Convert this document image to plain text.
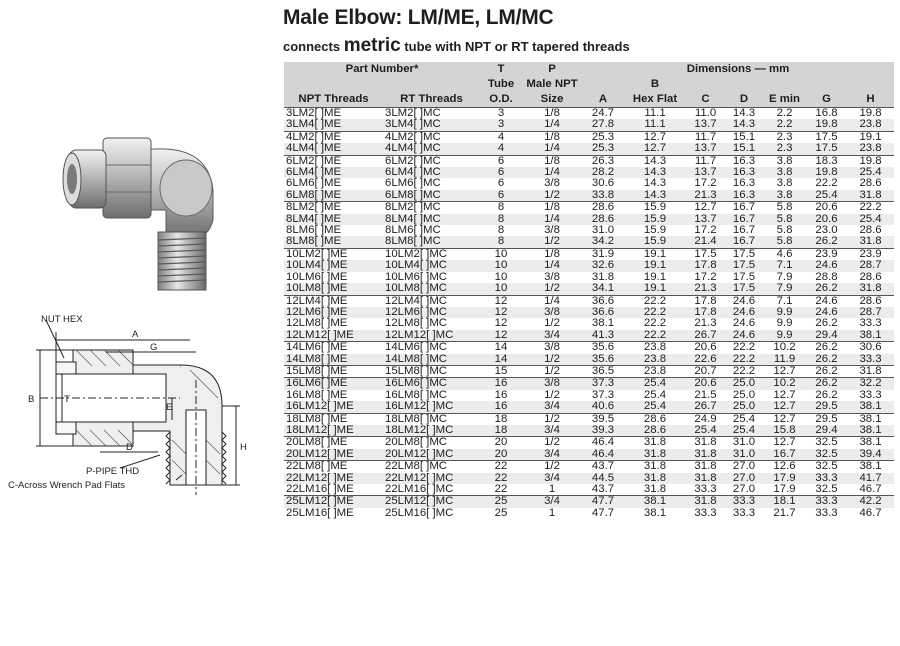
Male Elbow: LM/ME, LM/MC
connects metric tube with NPT or RT tapered threads
NUT HEX
A
G
B	T
E
D	H
P-PIPE THD
C-Across Wrench Pad Flats
Part Number*		T	P	Dimensions — mm						
		Tube	Male NPT		B					
NPT Threads	RT Threads	O.D.	Size	A	Hex Flat	C	D	E min	G	H
3LM2[ ]ME	3LM2[ ]MC	3	1/8	24.7	11.1	11.0	14.3	2.2	16.8	19.8
3LM4[ ]ME	3LM4[ ]MC	3	1/4	27.8	11.1	13.7	14.3	2.2	19.8	23.8
4LM2[ ]ME	4LM2[ ]MC	4	1/8	25.3	12.7	11.7	15.1	2.3	17.5	19.1
4LM4[ ]ME	4LM4[ ]MC	4	1/4	25.3	12.7	13.7	15.1	2.3	17.5	23.8
6LM2[ ]ME	6LM2[ ]MC	6	1/8	26.3	14.3	11.7	16.3	3.8	18.3	19.8
6LM4[ ]ME	6LM4[ ]MC	6	1/4	28.2	14.3	13.7	16.3	3.8	19.8	25.4
6LM6[ ]ME	6LM6[ ]MC	6	3/8	30.6	14.3	17.2	16.3	3.8	22.2	28.6
6LM8[ ]ME	6LM8[ ]MC	6	1/2	33.8	14.3	21.3	16.3	3.8	25.4	31.8
8LM2[ ]ME	8LM2[ ]MC	8	1/8	28.6	15.9	12.7	16.7	5.8	20.6	22.2
8LM4[ ]ME	8LM4[ ]MC	8	1/4	28.6	15.9	13.7	16.7	5.8	20.6	25.4
8LM6[ ]ME	8LM6[ ]MC	8	3/8	31.0	15.9	17.2	16.7	5.8	23.0	28.6
8LM8[ ]ME	8LM8[ ]MC	8	1/2	34.2	15.9	21.4	16.7	5.8	26.2	31.8
10LM2[ ]ME	10LM2[ ]MC	10	1/8	31.9	19.1	17.5	17.5	4.6	23.9	23.9
10LM4[ ]ME	10LM4[ ]MC	10	1/4	32.6	19.1	17.8	17.5	7.1	24.6	28.7
10LM6[ ]ME	10LM6[ ]MC	10	3/8	31.8	19.1	17.2	17.5	7.9	28.8	28.6
10LM8[ ]ME	10LM8[ ]MC	10	1/2	34.1	19.1	21.3	17.5	7.9	26.2	31.8
12LM4[ ]ME	12LM4[ ]MC	12	1/4	36.6	22.2	17.8	24.6	7.1	24.6	28.6
12LM6[ ]ME	12LM6[ ]MC	12	3/8	36.6	22.2	17.8	24.6	9.9	24.6	28.7
12LM8[ ]ME	12LM8[ ]MC	12	1/2	38.1	22.2	21.3	24.6	9.9	26.2	33.3
12LM12[ ]ME	12LM12[ ]MC	12	3/4	41.3	22.2	26.7	24.6	9.9	29.4	38.1
14LM6[ ]ME	14LM6[ ]MC	14	3/8	35.6	23.8	20.6	22.2	10.2	26.2	30.6
14LM8[ ]ME	14LM8[ ]MC	14	1/2	35.6	23.8	22.6	22.2	11.9	26.2	33.3
15LM8[ ]ME	15LM8[ ]MC	15	1/2	36.5	23.8	20.7	22.2	12.7	26.2	31.8
16LM6[ ]ME	16LM6[ ]MC	16	3/8	37.3	25.4	20.6	25.0	10.2	26.2	32.2
16LM8[ ]ME	16LM8[ ]MC	16	1/2	37.3	25.4	21.5	25.0	12.7	26.2	33.3
16LM12[ ]ME	16LM12[ ]MC	16	3/4	40.6	25.4	26.7	25.0	12.7	29.5	38.1
18LM8[ ]ME	18LM8[ ]MC	18	1/2	39.5	28.6	24.9	25.4	12.7	29.5	38.1
18LM12[ ]ME	18LM12[ ]MC	18	3/4	39.3	28.6	25.4	25.4	15.8	29.4	38.1
20LM8[ ]ME	20LM8[ ]MC	20	1/2	46.4	31.8	31.8	31.0	12.7	32.5	38.1
20LM12[ ]ME	20LM12[ ]MC	20	3/4	46.4	31.8	31.8	31.0	16.7	32.5	39.4
22LM8[ ]ME	22LM8[ ]MC	22	1/2	43.7	31.8	31.8	27.0	12.6	32.5	38.1
22LM12[ ]ME	22LM12[ ]MC	22	3/4	44.5	31.8	31.8	27.0	17.9	33.3	41.7
22LM16[ ]ME	22LM16[ ]MC	22	1	43.7	31.8	33.3	27.0	17.9	32.5	46.7
25LM12[ ]ME	25LM12[ ]MC	25	3/4	47.7	38.1	31.8	33.3	18.1	33.3	42.2
25LM16[ ]ME	25LM16[ ]MC	25	1	47.7	38.1	33.3	33.3	21.7	33.3	46.7
